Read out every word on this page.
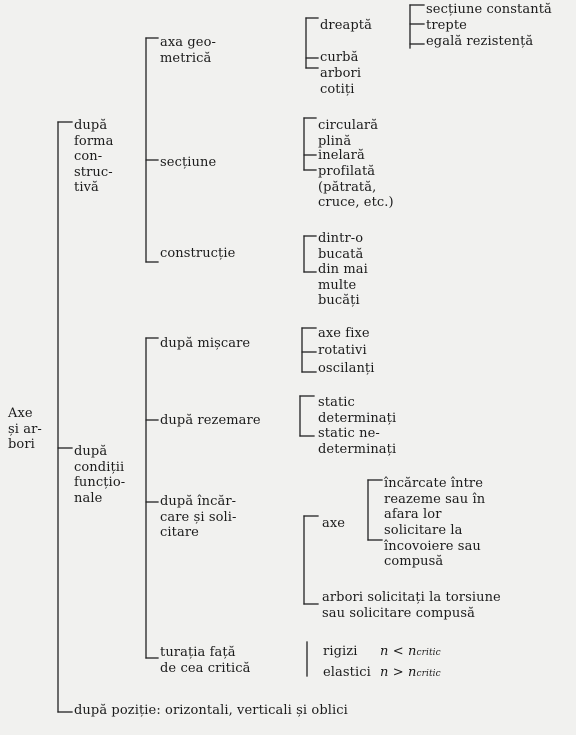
Axe
și ar-
bori
după
forma
con-
struc-
tivă
după
condiții
funcțio-
nale
după poziție: orizontali, verticali și oblici
axa geo-
metrică
secțiune
construcție
dreaptă
curbă
arbori
cotiți
secțiune constantă
trepte
egală rezistență
circulară
plină
inelară
profilată
(pătrată,
cruce, etc.)
dintr-o
bucată
din mai
multe
bucăți
după mișcare
după rezemare
după încăr-
care și soli-
citare
turația față
de cea critică
axe fixe
rotativi
oscilanți
static
determinați
static ne-
determinați
axe
arbori solicitați la torsiune
sau solicitare compusă
încărcate între
reazeme sau în
afara lor
solicitare la
încovoiere sau
compusă
rigizi n < ncritic
elastici n > ncritic
